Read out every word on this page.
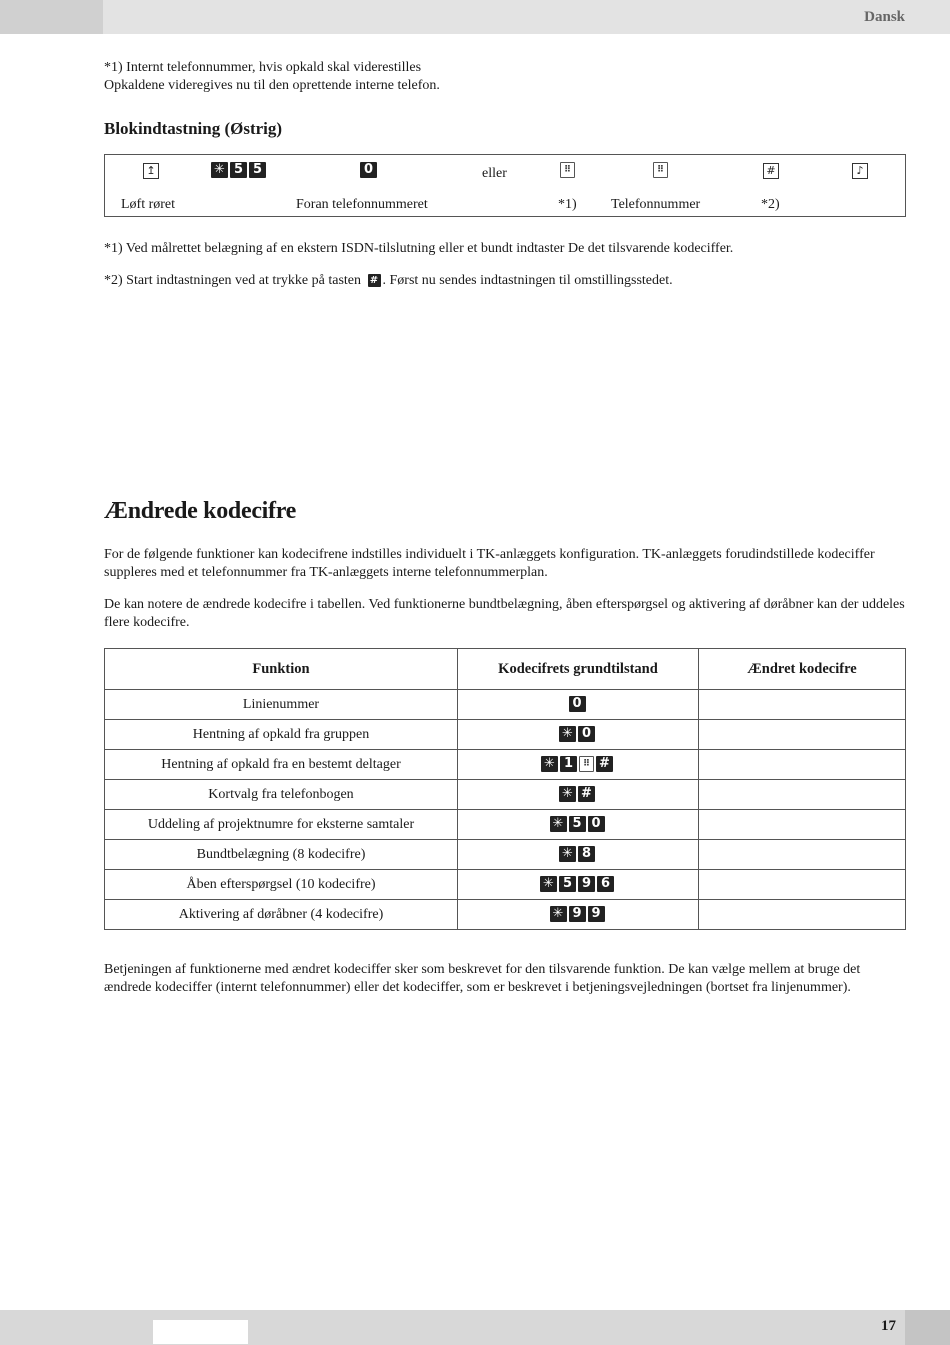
Dansk
*1) Internt telefonnummer, hvis opkald skal viderestilles
Opkaldene videregives nu til den oprettende interne telefon.
Blokindtastning (Østrig)
↥	✳ 5 5	0	eller	⠿	⠿	#	♪
Løft røret	Foran telefonnummeret	*1) Telefonnummer	*2)
*1) Ved målrettet belægning af en ekstern ISDN-tilslutning eller et bundt indtaster De det tilsvarende kodeciffer.
*2) Start indtastningen ved at trykke på tasten # . Først nu sendes indtastningen til omstillingsstedet.
Ændrede kodecifre
For de følgende funktioner kan kodecifrene indstilles individuelt i TK-anlæggets konfiguration. TK-anlæggets forudindstillede kodeciffer suppleres med et telefonnummer fra TK-anlæggets interne telefonnummerplan.
De kan notere de ændrede kodecifre i tabellen. Ved funktionerne bundtbelægning, åben efterspørgsel og aktivering af døråbner kan der uddeles flere kodecifre.
Funktion	Kodecifrets grundtilstand	Ændret kodecifre
Linienummer	0	
Hentning af opkald fra gruppen	✳ 0	
Hentning af opkald fra en bestemt deltager	✳ 1 ⠿ #	
Kortvalg fra telefonbogen	✳ #	
Uddeling af projektnumre for eksterne samtaler	✳ 5 0	
Bundtbelægning (8 kodecifre)	✳ 8	
Åben efterspørgsel (10 kodecifre)	✳ 5 9 6	
Aktivering af døråbner (4 kodecifre)	✳ 9 9	
Betjeningen af funktionerne med ændret kodeciffer sker som beskrevet for den tilsvarende funktion. De kan vælge mellem at bruge det ændrede kodeciffer (internt telefonnummer) eller det kodeciffer, som er beskrevet i betjeningsvejledningen (bortset fra linjenummer).
17
